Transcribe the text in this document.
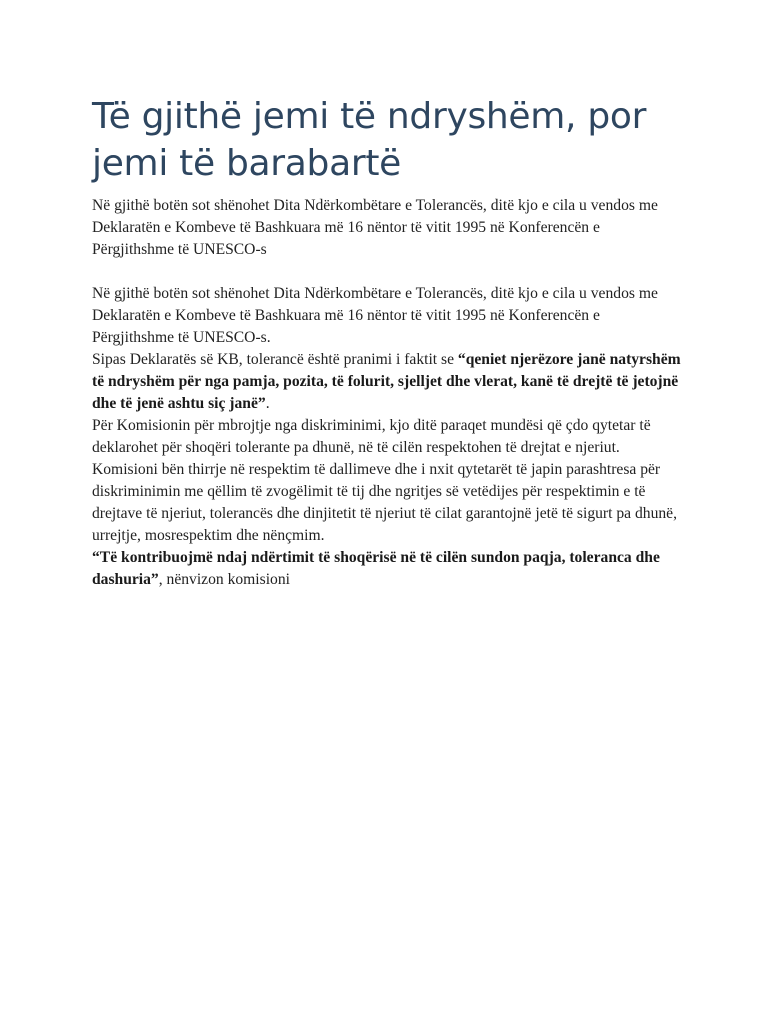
Të gjithë jemi të ndryshëm, por jemi të barabartë

Në gjithë botën sot shënohet Dita Ndërkombëtare e Tolerancës, ditë kjo e cila u vendos me Deklaratën e Kombeve të Bashkuara më 16 nëntor të vitit 1995 në Konferencën e Përgjithshme të UNESCO-s

Në gjithë botën sot shënohet Dita Ndërkombëtare e Tolerancës, ditë kjo e cila u vendos me Deklaratën e Kombeve të Bashkuara më 16 nëntor të vitit 1995 në Konferencën e Përgjithshme të UNESCO-s.

Sipas Deklaratës së KB, tolerancë është pranimi i faktit se “qeniet njerëzore janë natyrshëm të ndryshëm për nga pamja, pozita, të folurit, sjelljet dhe vlerat, kanë të drejtë të jetojnë dhe të jenë ashtu siç janë”.

Për Komisionin për mbrojtje nga diskriminimi, kjo ditë paraqet mundësi që çdo qytetar të deklarohet për shoqëri tolerante pa dhunë, në të cilën respektohen të drejtat e njeriut.

Komisioni bën thirrje në respektim të dallimeve dhe i nxit qytetarët të japin parashtresa për diskriminimin me qëllim të zvogëlimit të tij dhe ngritjes së vetëdijes për respektimin e të drejtave të njeriut, tolerancës dhe dinjitetit të njeriut të cilat garantojnë jetë të sigurt pa dhunë, urrejtje, mosrespektim dhe nënçmim.

“Të kontribuojmë ndaj ndërtimit të shoqërisë në të cilën sundon paqja, toleranca dhe dashuria”, nënvizon komisioni
